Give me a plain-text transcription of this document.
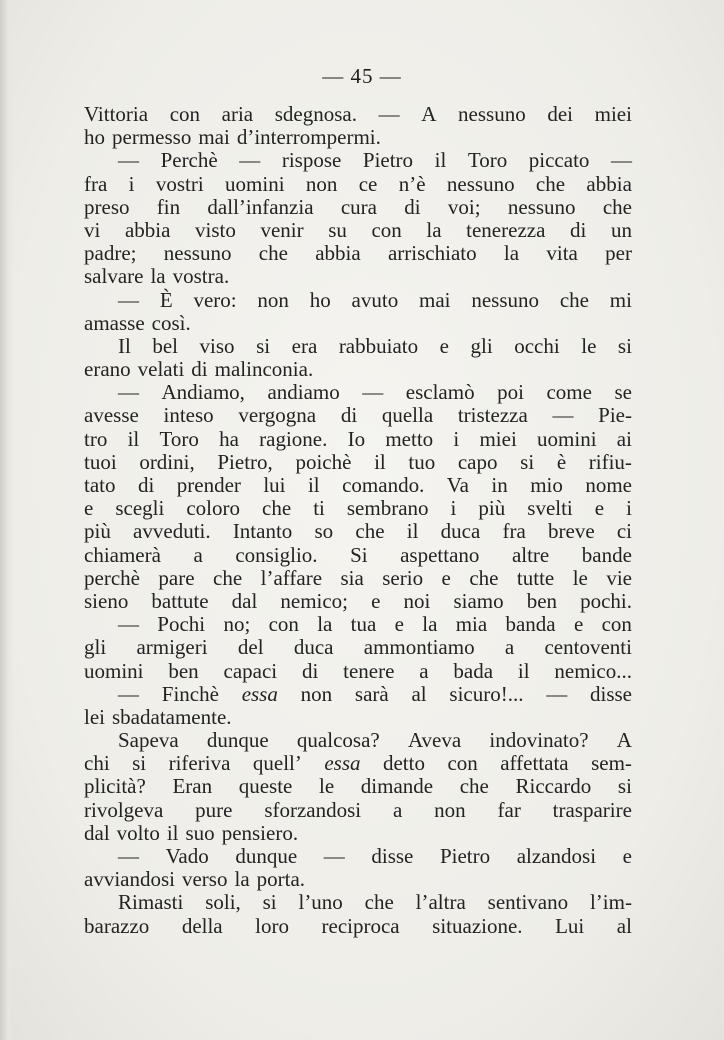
— 45 —
Vittoria con aria sdegnosa. — A nessuno dei miei
ho permesso mai d’interrompermi.
— Perchè — rispose Pietro il Toro piccato —
fra i vostri uomini non ce n’è nessuno che abbia
preso fin dall’infanzia cura di voi; nessuno che
vi abbia visto venir su con la tenerezza di un
padre; nessuno che abbia arrischiato la vita per
salvare la vostra.
— È vero: non ho avuto mai nessuno che mi
amasse così.
Il bel viso si era rabbuiato e gli occhi le si
erano velati di malinconia.
— Andiamo, andiamo — esclamò poi come se
avesse inteso vergogna di quella tristezza — Pie-
tro il Toro ha ragione. Io metto i miei uomini ai
tuoi ordini, Pietro, poichè il tuo capo si è rifiu-
tato di prender lui il comando. Va in mio nome
e scegli coloro che ti sembrano i più svelti e i
più avveduti. Intanto so che il duca fra breve ci
chiamerà a consiglio. Si aspettano altre bande
perchè pare che l’affare sia serio e che tutte le vie
sieno battute dal nemico; e noi siamo ben pochi.
— Pochi no; con la tua e la mia banda e con
gli armigeri del duca ammontiamo a centoventi
uomini ben capaci di tenere a bada il nemico...
— Finchè essa non sarà al sicuro!... — disse
lei sbadatamente.
Sapeva dunque qualcosa? Aveva indovinato? A
chi si riferiva quell’ essa detto con affettata sem-
plicità? Eran queste le dimande che Riccardo si
rivolgeva pure sforzandosi a non far trasparire
dal volto il suo pensiero.
— Vado dunque — disse Pietro alzandosi e
avviandosi verso la porta.
Rimasti soli, si l’uno che l’altra sentivano l’im-
barazzo della loro reciproca situazione. Lui al
